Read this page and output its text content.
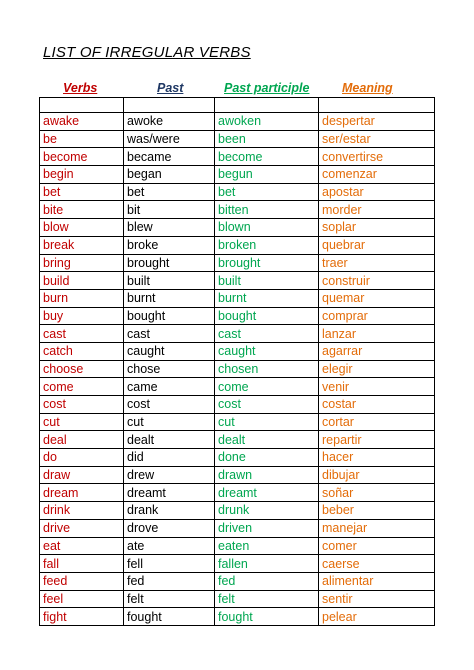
LIST OF IRREGULAR VERBS
Verbs	Past	Past participle	Meaning

awake	awoke	awoken	despertar
be	was/were	been	ser/estar
become	became	become	convertirse
begin	began	begun	comenzar
bet	bet	bet	apostar
bite	bit	bitten	morder
blow	blew	blown	soplar
break	broke	broken	quebrar
bring	brought	brought	traer
build	built	built	construir
burn	burnt	burnt	quemar
buy	bought	bought	comprar
cast	cast	cast	lanzar
catch	caught	caught	agarrar
choose	chose	chosen	elegir
come	came	come	venir
cost	cost	cost	costar
cut	cut	cut	cortar
deal	dealt	dealt	repartir
do	did	done	hacer
draw	drew	drawn	dibujar
dream	dreamt	dreamt	soñar
drink	drank	drunk	beber
drive	drove	driven	manejar
eat	ate	eaten	comer
fall	fell	fallen	caerse
feed	fed	fed	alimentar
feel	felt	felt	sentir
fight	fought	fought	pelear
